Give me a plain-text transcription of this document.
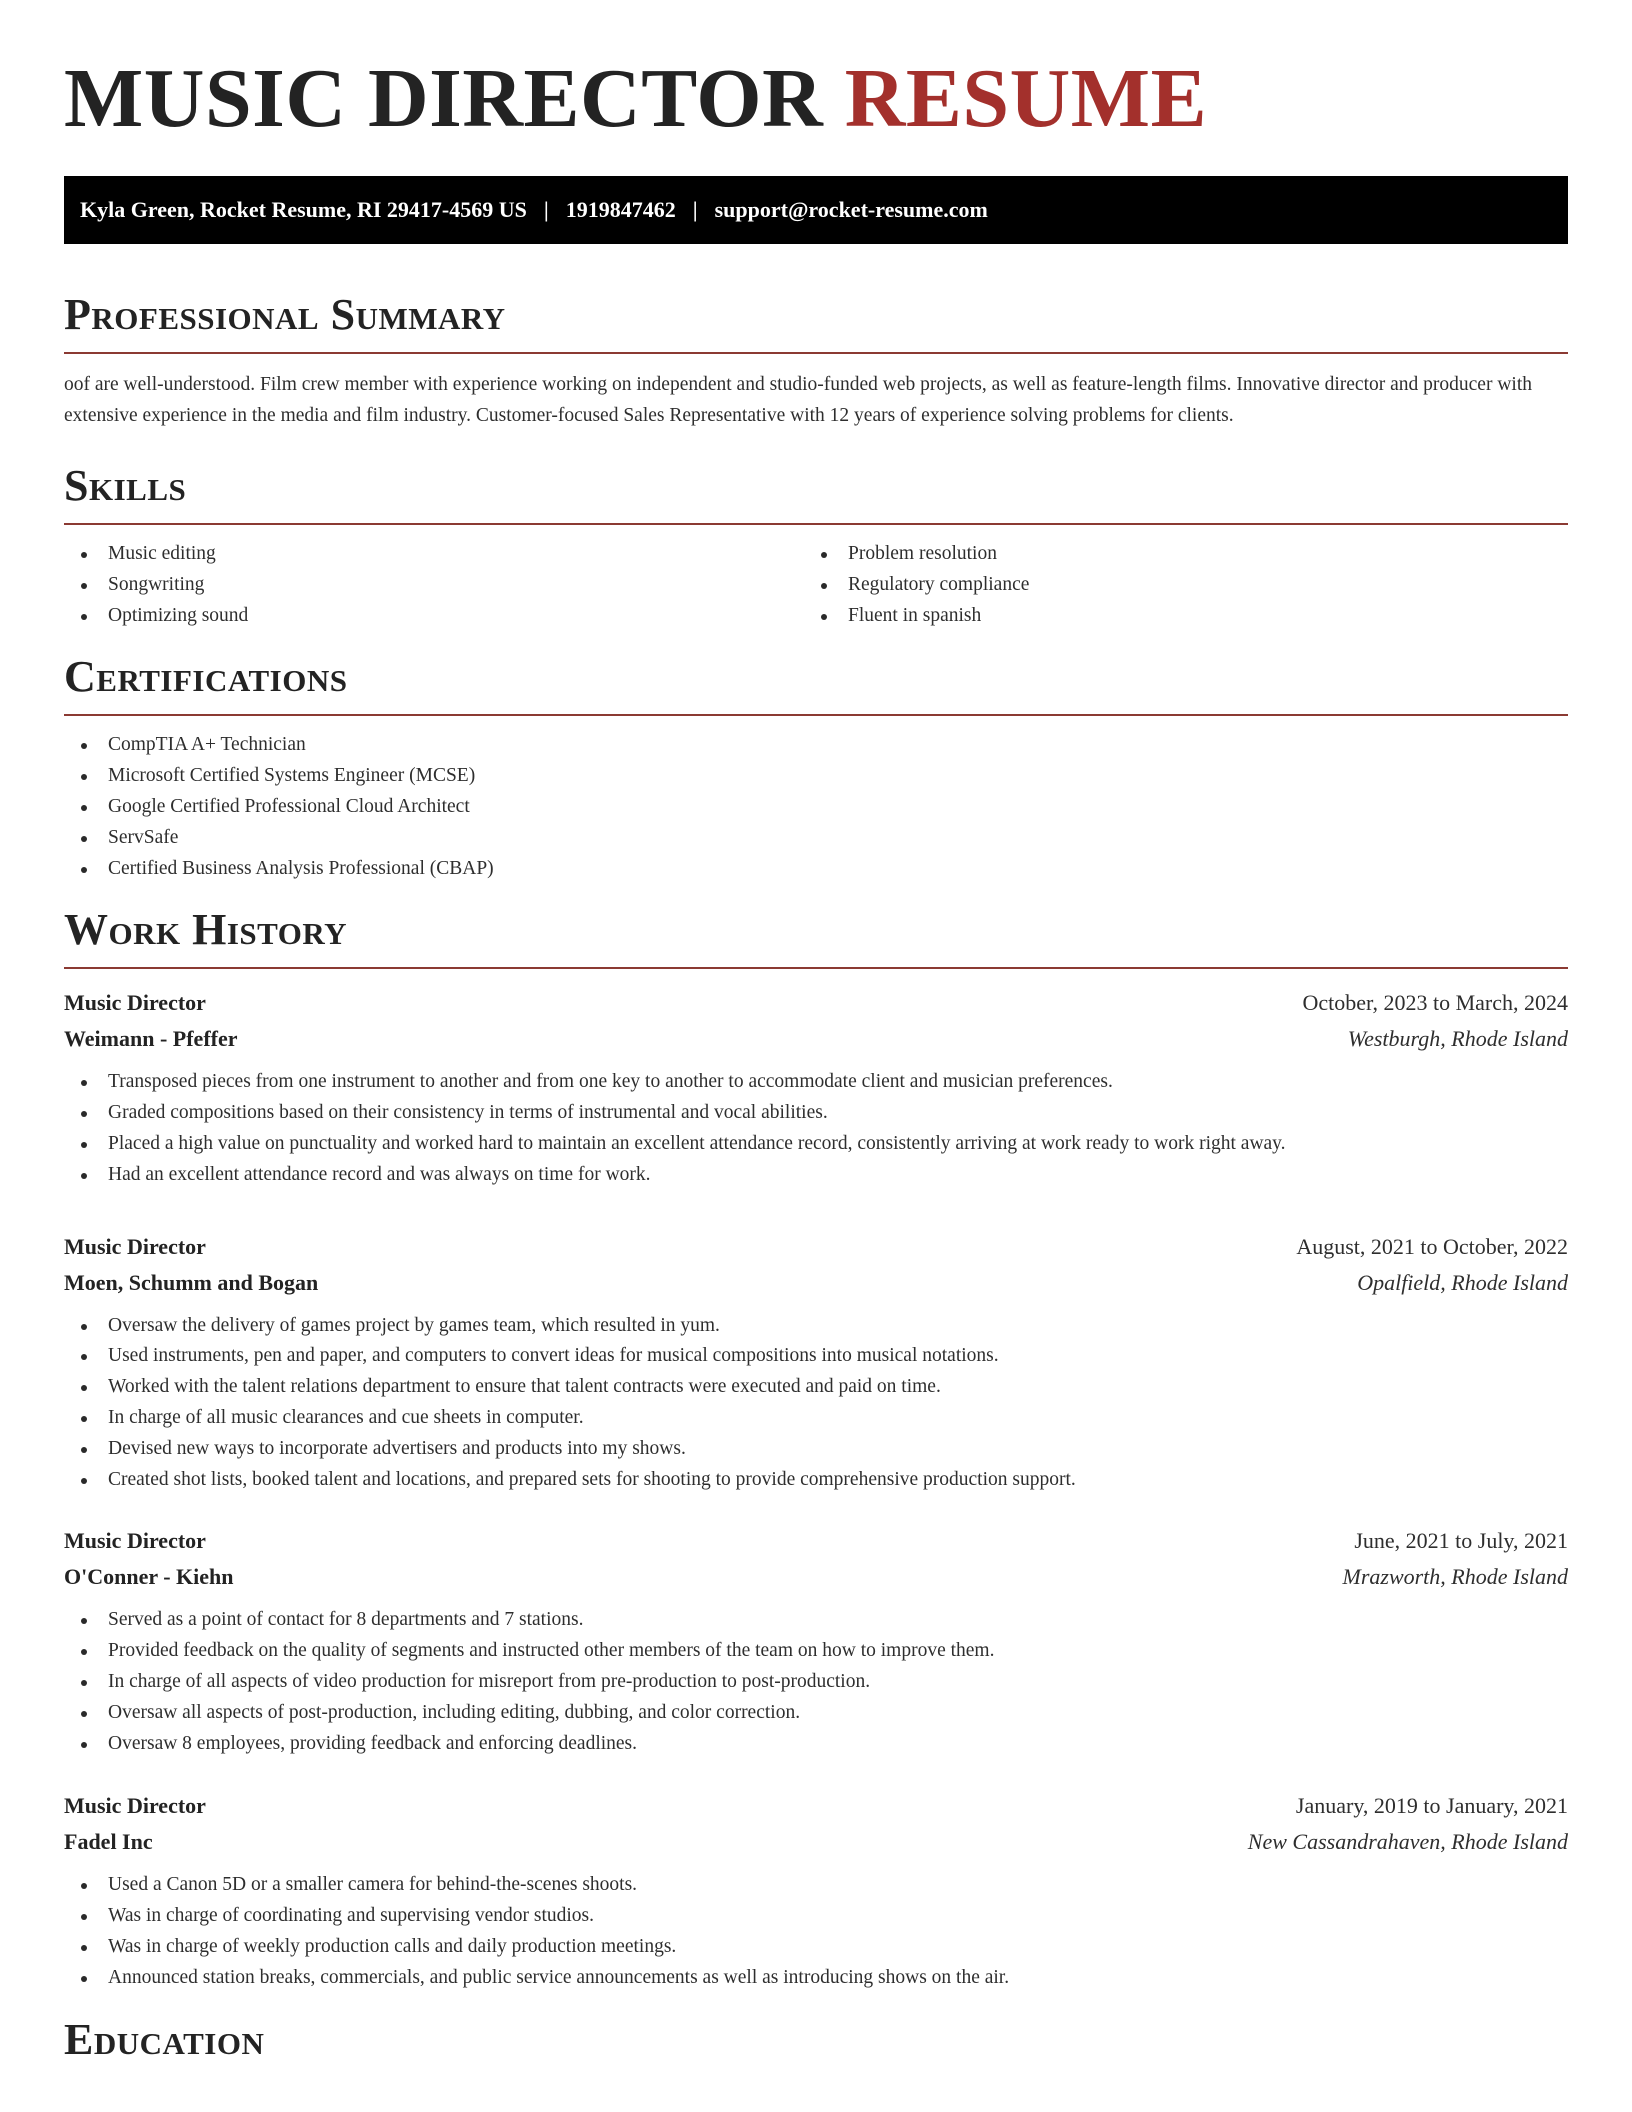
MUSIC DIRECTOR RESUME
Kyla Green, Rocket Resume, RI 29417-4569 US | 1919847462 | support@rocket-resume.com
Professional Summary

oof are well-understood. Film crew member with experience working on independent and studio-funded web projects, as well as feature-length films. Innovative director and producer with extensive experience in the media and film industry. Customer-focused Sales Representative with 12 years of experience solving problems for clients.

Skills
Music editing
Songwriting
Optimizing sound
Problem resolution
Regulatory compliance
Fluent in spanish
Certifications
CompTIA A+ Technician
Microsoft Certified Systems Engineer (MCSE)
Google Certified Professional Cloud Architect
ServSafe
Certified Business Analysis Professional (CBAP)
Work History
Music Director	October, 2023 to March, 2024
Weimann - Pfeffer	Westburgh, Rhode Island
Transposed pieces from one instrument to another and from one key to another to accommodate client and musician preferences.
Graded compositions based on their consistency in terms of instrumental and vocal abilities.
Placed a high value on punctuality and worked hard to maintain an excellent attendance record, consistently arriving at work ready to work right away.
Had an excellent attendance record and was always on time for work.
Music Director	August, 2021 to October, 2022
Moen, Schumm and Bogan	Opalfield, Rhode Island
Oversaw the delivery of games project by games team, which resulted in yum.
Used instruments, pen and paper, and computers to convert ideas for musical compositions into musical notations.
Worked with the talent relations department to ensure that talent contracts were executed and paid on time.
In charge of all music clearances and cue sheets in computer.
Devised new ways to incorporate advertisers and products into my shows.
Created shot lists, booked talent and locations, and prepared sets for shooting to provide comprehensive production support.
Music Director	June, 2021 to July, 2021
O'Conner - Kiehn	Mrazworth, Rhode Island
Served as a point of contact for 8 departments and 7 stations.
Provided feedback on the quality of segments and instructed other members of the team on how to improve them.
In charge of all aspects of video production for misreport from pre-production to post-production.
Oversaw all aspects of post-production, including editing, dubbing, and color correction.
Oversaw 8 employees, providing feedback and enforcing deadlines.
Music Director	January, 2019 to January, 2021
Fadel Inc	New Cassandrahaven, Rhode Island
Used a Canon 5D or a smaller camera for behind-the-scenes shoots.
Was in charge of coordinating and supervising vendor studios.
Was in charge of weekly production calls and daily production meetings.
Announced station breaks, commercials, and public service announcements as well as introducing shows on the air.
Education
